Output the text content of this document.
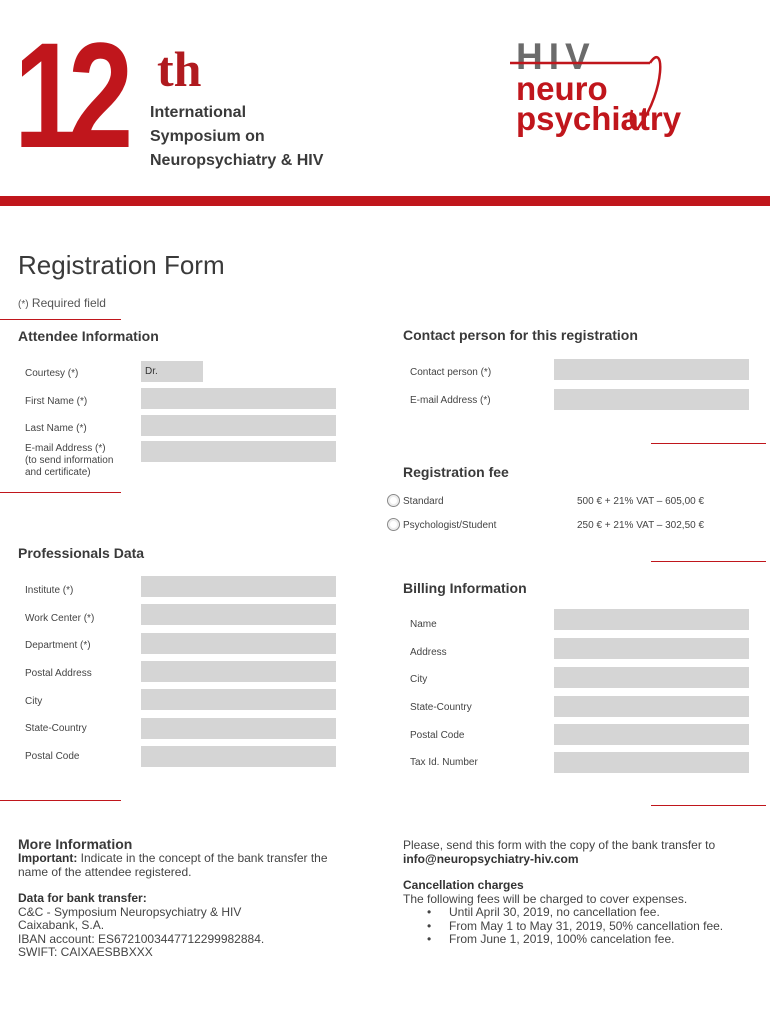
12 th
International
Symposium on
Neuropsychiatry & HIV
HIV
neuro
psychiatry
Registration Form
(*) Required field
Attendee Information
Courtesy (*)	Dr.
First Name (*)
Last Name (*)
E-mail Address (*)
(to send information
and certificate)
Contact person for this registration
Contact person (*)
E-mail Address (*)
Registration fee
Standard	500 € + 21% VAT – 605,00 €
Psychologist/Student	250 € + 21% VAT – 302,50 €
Professionals Data
Institute (*)
Work Center (*)
Department (*)
Postal Address
City
State-Country
Postal Code
Billing Information
Name
Address
City
State-Country
Postal Code
Tax Id. Number
More Information
Important: Indicate in the concept of the bank transfer the
name of the attendee registered.
Data for bank transfer:
C&C - Symposium Neuropsychiatry & HIV
Caixabank, S.A.
IBAN account: ES6721003447712299982884.
SWIFT: CAIXAESBBXXX
Please, send this form with the copy of the bank transfer to
info@neuropsychiatry-hiv.com
Cancellation charges
The following fees will be charged to cover expenses.
• Until April 30, 2019, no cancellation fee.
• From May 1 to May 31, 2019, 50% cancellation fee.
• From June 1, 2019, 100% cancelation fee.
